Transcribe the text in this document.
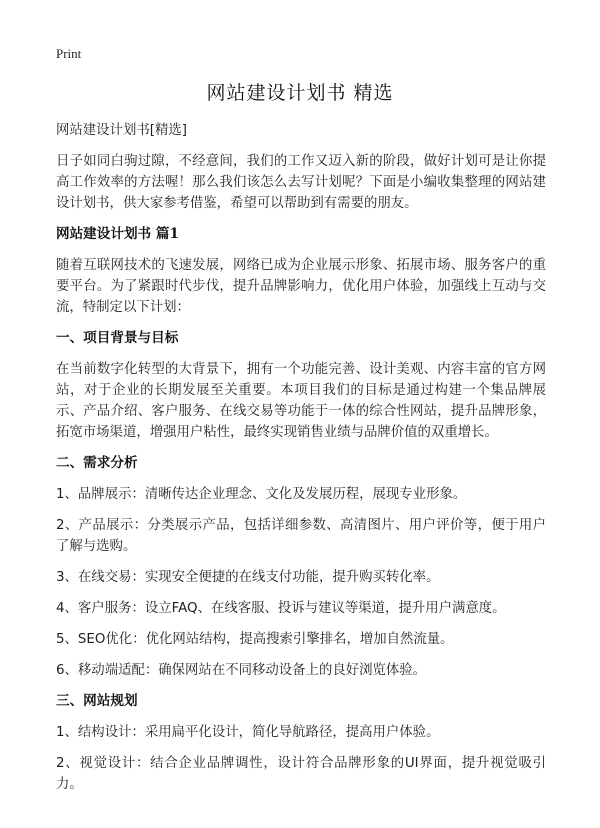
Print
网站建设计划书 精选

网站建设计划书[精选]

日子如同白驹过隙，不经意间，我们的工作又迈入新的阶段，做好计划可是让你提高工作效率的方法喔！那么我们该怎么去写计划呢？下面是小编收集整理的网站建设计划书，供大家参考借鉴，希望可以帮助到有需要的朋友。

网站建设计划书 篇1

随着互联网技术的飞速发展，网络已成为企业展示形象、拓展市场、服务客户的重要平台。为了紧跟时代步伐，提升品牌影响力，优化用户体验，加强线上互动与交流，特制定以下计划：

一、项目背景与目标

在当前数字化转型的大背景下，拥有一个功能完善、设计美观、内容丰富的官方网站，对于企业的长期发展至关重要。本项目我们的目标是通过构建一个集品牌展示、产品介绍、客户服务、在线交易等功能于一体的综合性网站，提升品牌形象，拓宽市场渠道，增强用户粘性，最终实现销售业绩与品牌价值的双重增长。

二、需求分析

1、品牌展示：清晰传达企业理念、文化及发展历程，展现专业形象。

2、产品展示：分类展示产品，包括详细参数、高清图片、用户评价等，便于用户了解与选购。

3、在线交易：实现安全便捷的在线支付功能，提升购买转化率。

4、客户服务：设立FAQ、在线客服、投诉与建议等渠道，提升用户满意度。

5、SEO优化：优化网站结构，提高搜索引擎排名，增加自然流量。

6、移动端适配：确保网站在不同移动设备上的良好浏览体验。

三、网站规划

1、结构设计：采用扁平化设计，简化导航路径，提高用户体验。

2、视觉设计：结合企业品牌调性，设计符合品牌形象的UI界面，提升视觉吸引力。
